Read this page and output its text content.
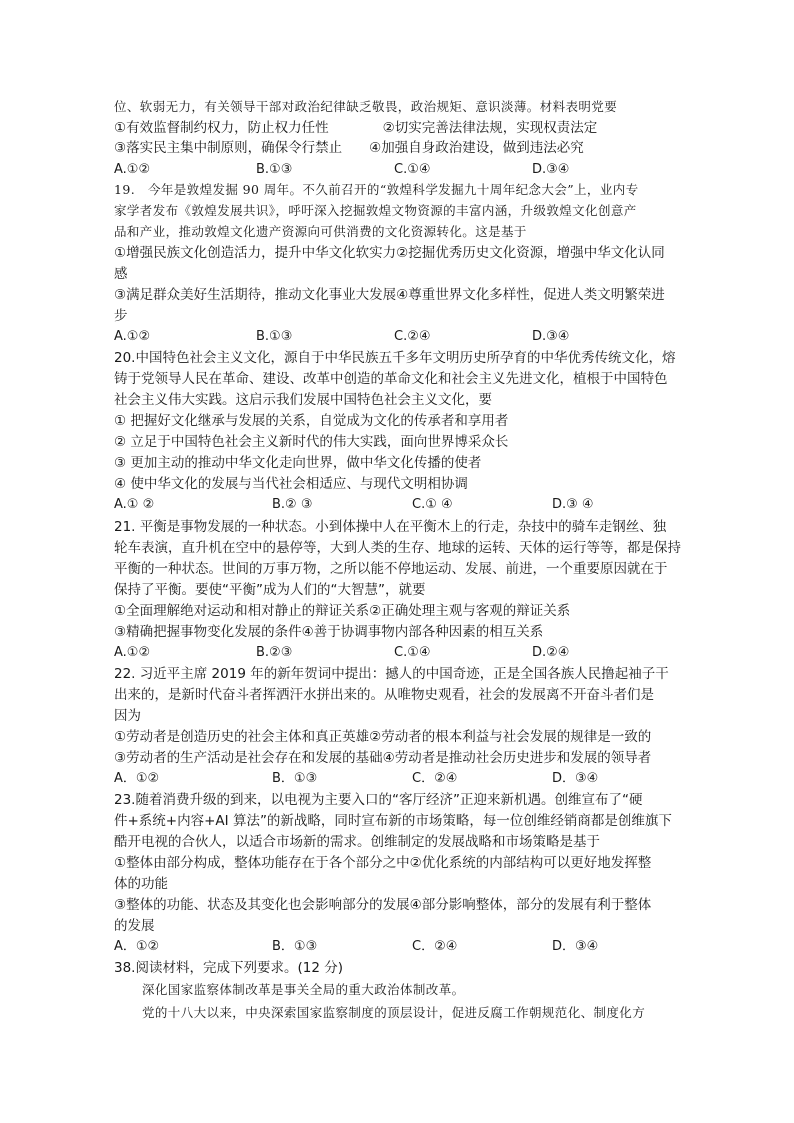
位、软弱无力，有关领导干部对政治纪律缺乏敬畏，政治规矩、意识淡薄。材料表明党要
①有效监督制约权力，防止权力任性　　　　②切实完善法律法规，实现权责法定
③落实民主集中制原则，确保令行禁止　　④加强自身政治建设，做到违法必究
A.①②	B.①③	C.①④	D.③④
19.　今年是敦煌发掘 90 周年。不久前召开的“敦煌科学发掘九十周年纪念大会”上，业内专
家学者发布《敦煌发展共识》，呼吁深入挖掘敦煌文物资源的丰富内涵，升级敦煌文化创意产
品和产业，推动敦煌文化遗产资源向可供消费的文化资源转化。这是基于
①增强民族文化创造活力，提升中华文化软实力②挖掘优秀历史文化资源，增强中华文化认同
感
③满足群众美好生活期待，推动文化事业大发展④尊重世界文化多样性，促进人类文明繁荣进
步
A.①②	B.①③	C.②④	D.③④
20.中国特色社会主义文化，源自于中华民族五千多年文明历史所孕育的中华优秀传统文化，熔
铸于党领导人民在革命、建设、改革中创造的革命文化和社会主义先进文化，植根于中国特色
社会主义伟大实践。这启示我们发展中国特色社会主义文化，要
① 把握好文化继承与发展的关系，自觉成为文化的传承者和享用者
② 立足于中国特色社会主义新时代的伟大实践，面向世界博采众长
③ 更加主动的推动中华文化走向世界，做中华文化传播的使者
④ 使中华文化的发展与当代社会相适应、与现代文明相协调
A.① ②	B.② ③	C.① ④	D.③ ④
21. 平衡是事物发展的一种状态。小到体操中人在平衡木上的行走，杂技中的骑车走钢丝、独
轮车表演，直升机在空中的悬停等，大到人类的生存、地球的运转、天体的运行等等，都是保持
平衡的一种状态。世间的万事万物，之所以能不停地运动、发展、前进，一个重要原因就在于
保持了平衡。要使“平衡”成为人们的“大智慧”，就要
①全面理解绝对运动和相对静止的辩证关系②正确处理主观与客观的辩证关系
③精确把握事物变化发展的条件④善于协调事物内部各种因素的相互关系
A.①②	B.②③	C.①④	D.②④
22. 习近平主席 2019 年的新年贺词中提出：撼人的中国奇迹，正是全国各族人民撸起袖子干
出来的，是新时代奋斗者挥洒汗水拼出来的。从唯物史观看，社会的发展离不开奋斗者们是
因为
①劳动者是创造历史的社会主体和真正英雄②劳动者的根本利益与社会发展的规律是一致的
③劳动者的生产活动是社会存在和发展的基础④劳动者是推动社会历史进步和发展的领导者
A．①②	B．①③	C．②④	D．③④
23.随着消费升级的到来，以电视为主要入口的“客厅经济”正迎来新机遇。创维宣布了“硬
件+系统+内容+AI 算法”的新战略，同时宣布新的市场策略，每一位创维经销商都是创维旗下
酷开电视的合伙人，以适合市场新的需求。创维制定的发展战略和市场策略是基于
①整体由部分构成，整体功能存在于各个部分之中②优化系统的内部结构可以更好地发挥整
体的功能
③整体的功能、状态及其变化也会影响部分的发展④部分影响整体，部分的发展有利于整体
的发展
A．①②	B．①③	C．②④	D．③④
38.阅读材料，完成下列要求。(12 分)
深化国家监察体制改革是事关全局的重大政治体制改革。
党的十八大以来，中央深索国家监察制度的顶层设计，促进反腐工作朝规范化、制度化方
